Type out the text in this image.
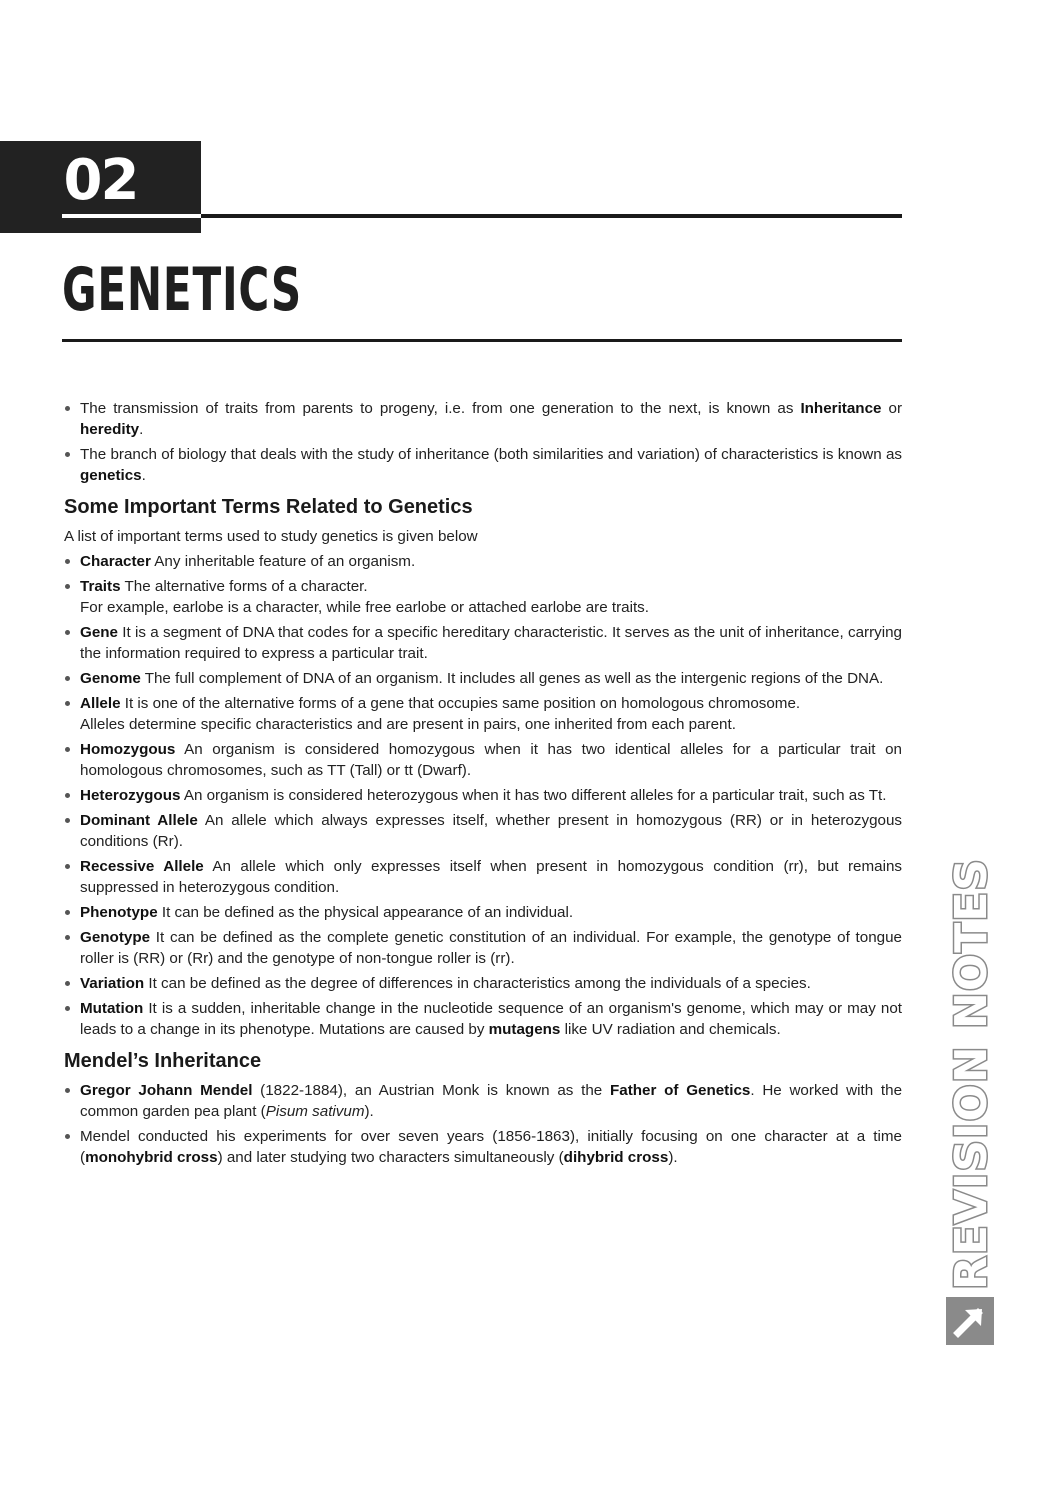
02
GENETICS
The transmission of traits from parents to progeny, i.e. from one generation to the next, is known as Inheritance or heredity.
The branch of biology that deals with the study of inheritance (both similarities and variation) of characteristics is known as genetics.
Some Important Terms Related to Genetics

A list of important terms used to study genetics is given below

Character Any inheritable feature of an organism.
Traits The alternative forms of a character.
For example, earlobe is a character, while free earlobe or attached earlobe are traits.
Gene It is a segment of DNA that codes for a specific hereditary characteristic. It serves as the unit of inheritance, carrying the information required to express a particular trait.
Genome The full complement of DNA of an organism. It includes all genes as well as the intergenic regions of the DNA.
Allele It is one of the alternative forms of a gene that occupies same position on homologous chromosome.
Alleles determine specific characteristics and are present in pairs, one inherited from each parent.
Homozygous An organism is considered homozygous when it has two identical alleles for a particular trait on homologous chromosomes, such as TT (Tall) or tt (Dwarf).
Heterozygous An organism is considered heterozygous when it has two different alleles for a particular trait, such as Tt.
Dominant Allele An allele which always expresses itself, whether present in homozygous (RR) or in heterozygous conditions (Rr).
Recessive Allele An allele which only expresses itself when present in homozygous condition (rr), but remains suppressed in heterozygous condition.
Phenotype It can be defined as the physical appearance of an individual.
Genotype It can be defined as the complete genetic constitution of an individual. For example, the genotype of tongue roller is (RR) or (Rr) and the genotype of non-tongue roller is (rr).
Variation It can be defined as the degree of differences in characteristics among the individuals of a species.
Mutation It is a sudden, inheritable change in the nucleotide sequence of an organism's genome, which may or may not leads to a change in its phenotype. Mutations are caused by mutagens like UV radiation and chemicals.
Mendel’s Inheritance
Gregor Johann Mendel (1822-1884), an Austrian Monk is known as the Father of Genetics. He worked with the common garden pea plant (Pisum sativum).
Mendel conducted his experiments for over seven years (1856-1863), initially focusing on one character at a time (monohybrid cross) and later studying two characters simultaneously (dihybrid cross).	REVISION NOTES
